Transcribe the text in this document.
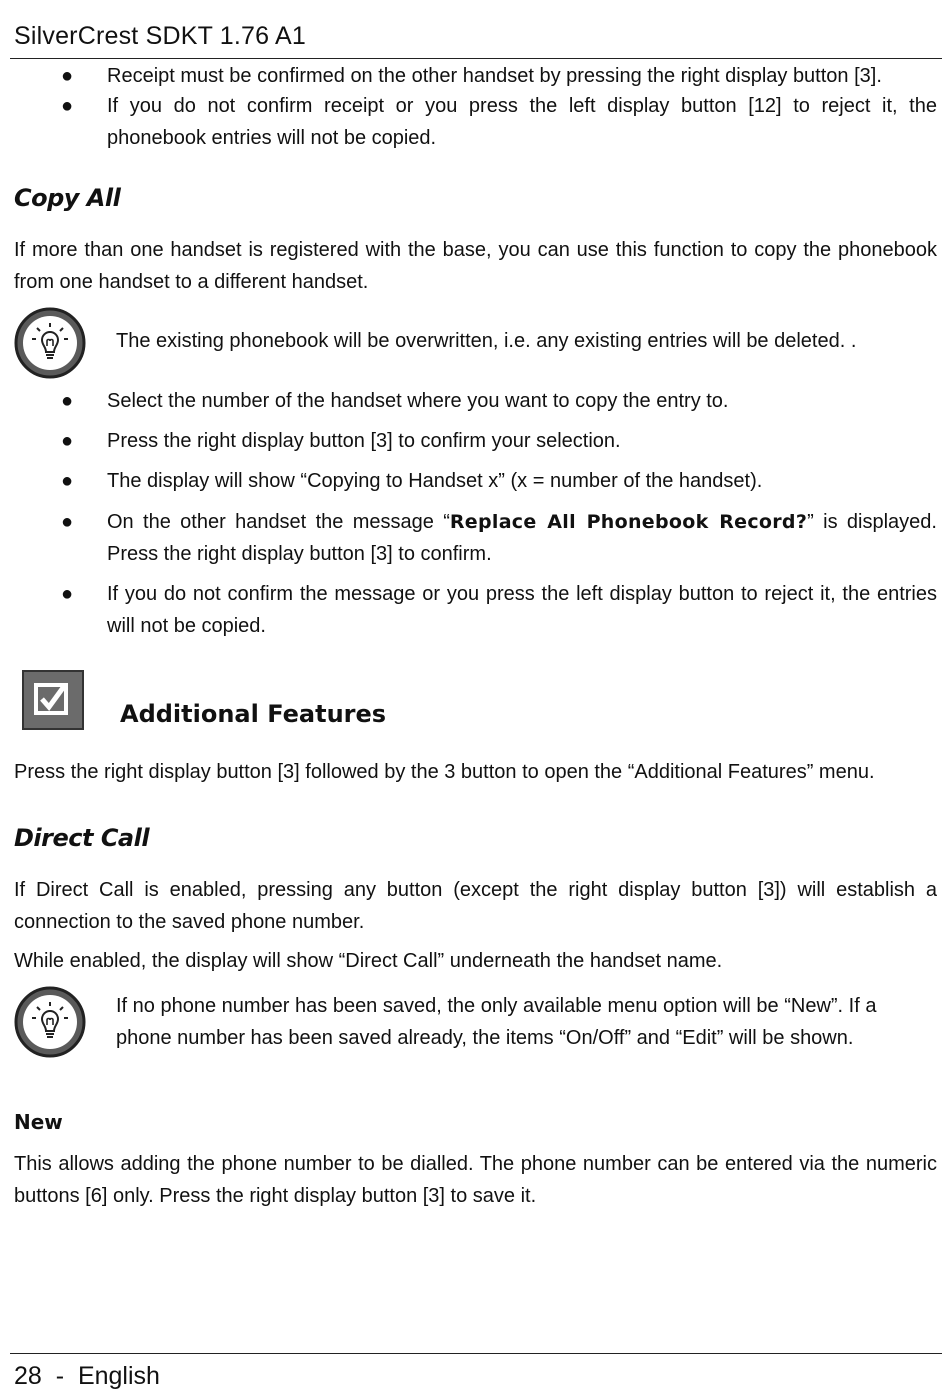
SilverCrest SDKT 1.76 A1
●	Receipt must be confirmed on the other handset by pressing the right display button [3].
●	If you do not confirm receipt or you press the left display button [12] to reject it, the phonebook entries will not be copied.
Copy All
If more than one handset is registered with the base, you can use this function to copy the phonebook from one handset to a different handset.
The existing phonebook will be overwritten, i.e. any existing entries will be deleted. .
●	Select the number of the handset where you want to copy the entry to.
●	Press the right display button [3] to confirm your selection.
●	The display will show “Copying to Handset x” (x = number of the handset).
●	On the other handset the message “Replace All Phonebook Record?” is displayed. Press the right display button [3] to confirm.
●	If you do not confirm the message or you press the left display button to reject it, the entries will not be copied.
Additional Features
Press the right display button [3] followed by the 3 button to open the “Additional Features” menu.
Direct Call
If Direct Call is enabled, pressing any button (except the right display button [3]) will establish a connection to the saved phone number.
While enabled, the display will show “Direct Call” underneath the handset name.
If no phone number has been saved, the only available menu option will be “New”. If a phone number has been saved already, the items “On/Off” and “Edit” will be shown.
New
This allows adding the phone number to be dialled. The phone number can be entered via the numeric buttons [6] only. Press the right display button [3] to save it.
28 - English
